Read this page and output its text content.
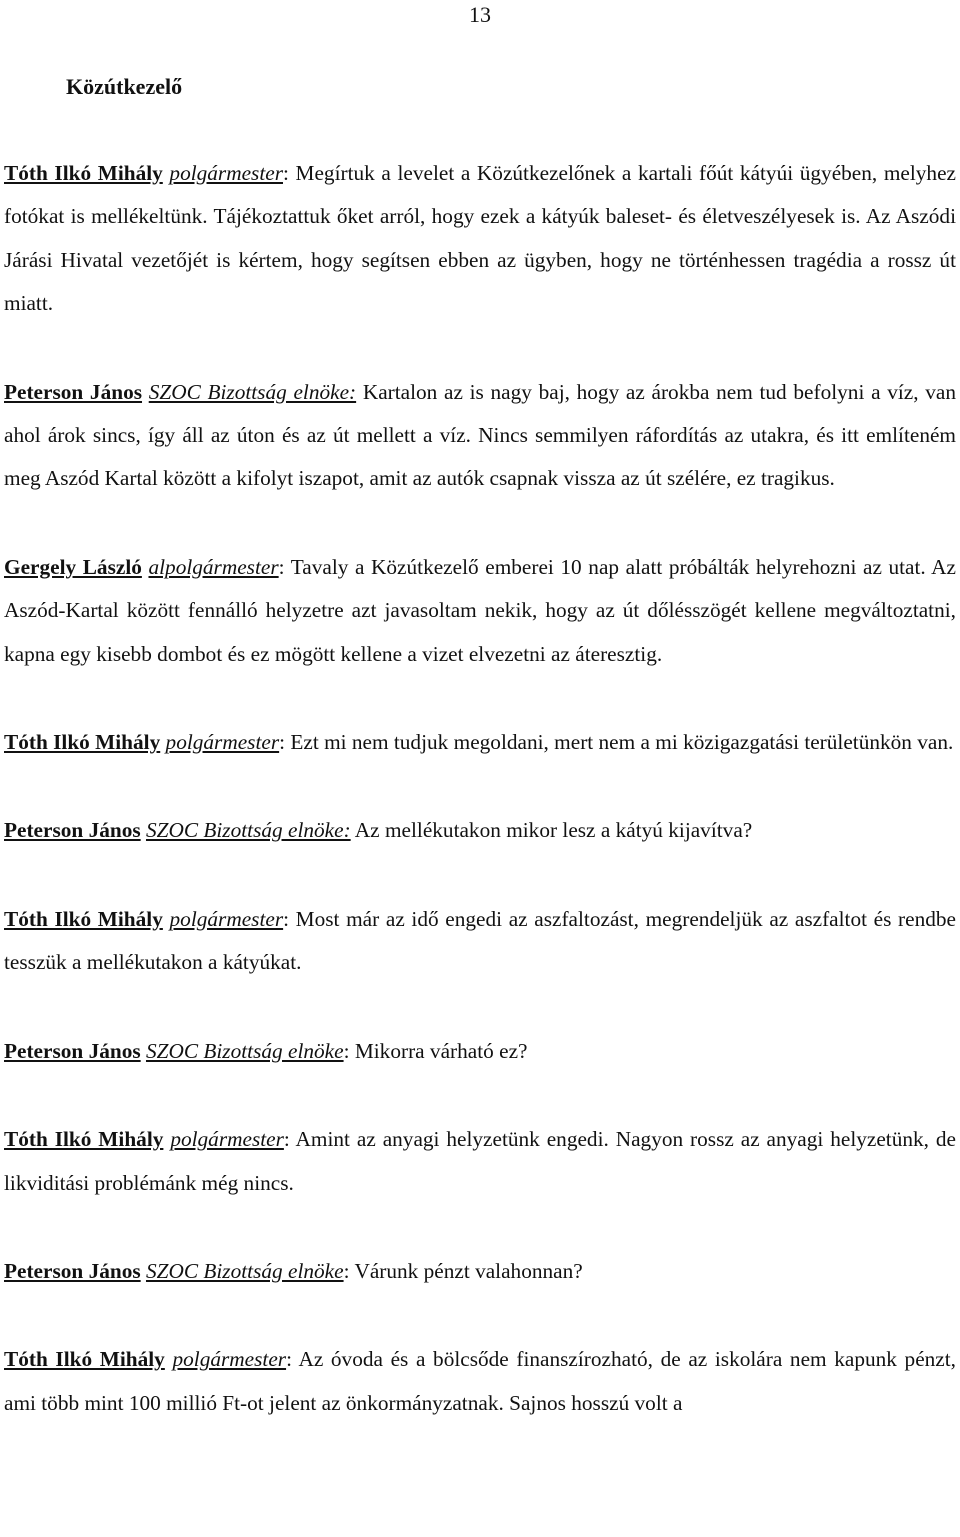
13
Közútkezelő

Tóth Ilkó Mihály polgármester: Megírtuk a levelet a Közútkezelőnek a kartali főút kátyúi ügyében, melyhez fotókat is mellékeltünk. Tájékoztattuk őket arról, hogy ezek a kátyúk baleset- és életveszélyesek is. Az Aszódi Járási Hivatal vezetőjét is kértem, hogy segítsen ebben az ügyben, hogy ne történhessen tragédia a rossz út miatt.

Peterson János SZOC Bizottság elnöke: Kartalon az is nagy baj, hogy az árokba nem tud befolyni a víz, van ahol árok sincs, így áll az úton és az út mellett a víz. Nincs semmilyen ráfordítás az utakra, és itt említeném meg Aszód Kartal között a kifolyt iszapot, amit az autók csapnak vissza az út szélére, ez tragikus.

Gergely László alpolgármester: Tavaly a Közútkezelő emberei 10 nap alatt próbálták helyrehozni az utat. Az Aszód-Kartal között fennálló helyzetre azt javasoltam nekik, hogy az út dőlésszögét kellene megváltoztatni, kapna egy kisebb dombot és ez mögött kellene a vizet elvezetni az áteresztig.

Tóth Ilkó Mihály polgármester: Ezt mi nem tudjuk megoldani, mert nem a mi közigazgatási területünkön van.

Peterson János SZOC Bizottság elnöke: Az mellékutakon mikor lesz a kátyú kijavítva?

Tóth Ilkó Mihály polgármester: Most már az idő engedi az aszfaltozást, megrendeljük az aszfaltot és rendbe tesszük a mellékutakon a kátyúkat.

Peterson János SZOC Bizottság elnöke: Mikorra várható ez?

Tóth Ilkó Mihály polgármester: Amint az anyagi helyzetünk engedi. Nagyon rossz az anyagi helyzetünk, de likviditási problémánk még nincs.

Peterson János SZOC Bizottság elnöke: Várunk pénzt valahonnan?

Tóth Ilkó Mihály polgármester: Az óvoda és a bölcsőde finanszírozható, de az iskolára nem kapunk pénzt, ami több mint 100 millió Ft-ot jelent az önkormányzatnak. Sajnos hosszú volt a
